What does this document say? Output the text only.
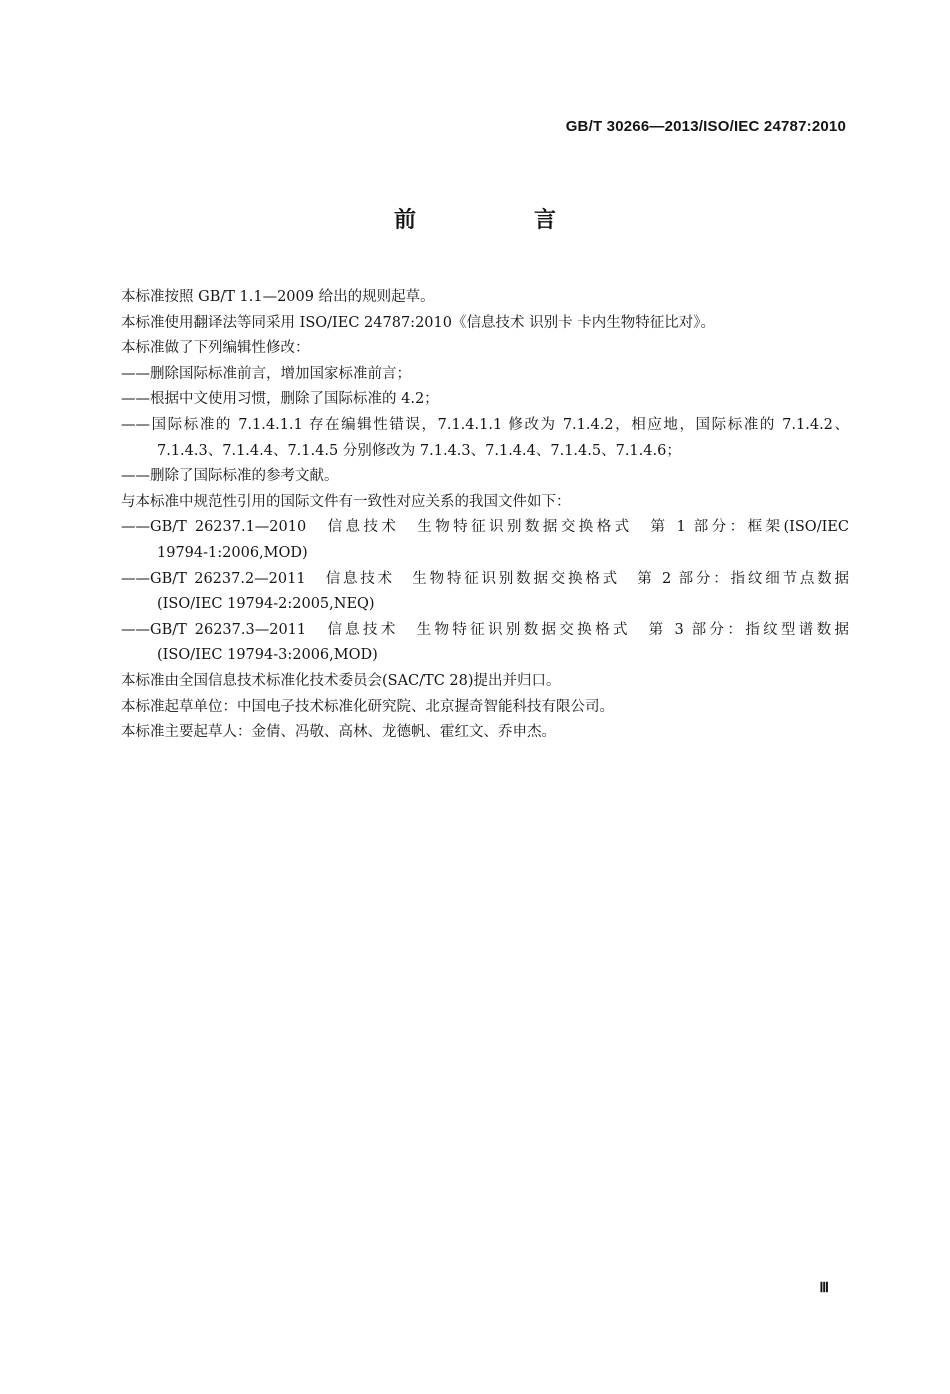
GB/T 30266—2013/ISO/IEC 24787:2010
前　言
本标准按照 GB/T 1.1—2009 给出的规则起草。
本标准使用翻译法等同采用 ISO/IEC 24787:2010《信息技术 识别卡 卡内生物特征比对》。
本标准做了下列编辑性修改：
——删除国际标准前言，增加国家标准前言；
——根据中文使用习惯，删除了国际标准的 4.2；
——国际标准的 7.1.4.1.1 存在编辑性错误，7.1.4.1.1 修改为 7.1.4.2，相应地，国际标准的 7.1.4.2、
7.1.4.3、7.1.4.4、7.1.4.5 分别修改为 7.1.4.3、7.1.4.4、7.1.4.5、7.1.4.6；
——删除了国际标准的参考文献。
与本标准中规范性引用的国际文件有一致性对应关系的我国文件如下：
——GB/T 26237.1—2010　信息技术　生物特征识别数据交换格式　第 1 部分：框架(ISO/IEC
19794-1:2006,MOD)
——GB/T 26237.2—2011　信息技术　生物特征识别数据交换格式　第 2 部分：指纹细节点数据
(ISO/IEC 19794-2:2005,NEQ)
——GB/T 26237.3—2011　信息技术　生物特征识别数据交换格式　第 3 部分：指纹型谱数据
(ISO/IEC 19794-3:2006,MOD)
本标准由全国信息技术标准化技术委员会(SAC/TC 28)提出并归口。
本标准起草单位：中国电子技术标准化研究院、北京握奇智能科技有限公司。
本标准主要起草人：金倩、冯敬、高林、龙德帆、霍红文、乔申杰。
Ⅲ
